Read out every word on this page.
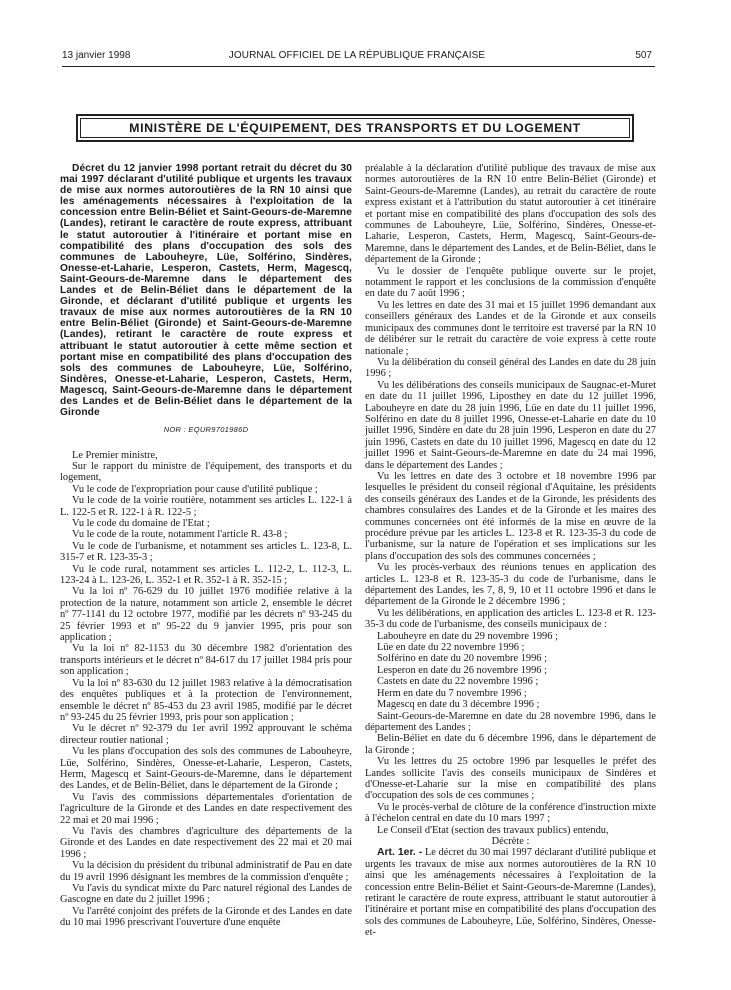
13 janvier 1998	JOURNAL OFFICIEL DE LA RÉPUBLIQUE FRANÇAISE	507
MINISTÈRE DE L'ÉQUIPEMENT, DES TRANSPORTS ET DU LOGEMENT

Décret du 12 janvier 1998 portant retrait du décret du 30 mai 1997 déclarant d'utilité publique et urgents les travaux de mise aux normes autoroutières de la RN 10 ainsi que les aménagements nécessaires à l'exploitation de la concession entre Belin-Béliet et Saint-Geours-de-Maremne (Landes), retirant le caractère de route express, attribuant le statut autoroutier à l'itinéraire et portant mise en compatibilité des plans d'occupation des sols des communes de Labouheyre, Lüe, Solférino, Sindères, Onesse-et-Laharie, Lesperon, Castets, Herm, Magescq, Saint-Geours-de-Maremne dans le département des Landes et de Belin-Béliet dans le département de la Gironde, et déclarant d'utilité publique et urgents les travaux de mise aux normes autoroutières de la RN 10 entre Belin-Béliet (Gironde) et Saint-Geours-de-Maremne (Landes), retirant le caractère de route express et attribuant le statut autoroutier à cette même section et portant mise en compatibilité des plans d'occupation des sols des communes de Labouheyre, Lüe, Solférino, Sindères, Onesse-et-Laharie, Lesperon, Castets, Herm, Magescq, Saint-Geours-de-Maremne dans le département des Landes et de Belin-Béliet dans le département de la Gironde

NOR : EQUR9701986D

Le Premier ministre,

Sur le rapport du ministre de l'équipement, des transports et du logement,

Vu le code de l'expropriation pour cause d'utilité publique ;

Vu le code de la voirie routière, notamment ses articles L. 122-1 à L. 122-5 et R. 122-1 à R. 122-5 ;

Vu le code du domaine de l'Etat ;

Vu le code de la route, notamment l'article R. 43-8 ;

Vu le code de l'urbanisme, et notamment ses articles L. 123-8, L. 315-7 et R. 123-35-3 ;

Vu le code rural, notamment ses articles L. 112-2, L. 112-3, L. 123-24 à L. 123-26, L. 352-1 et R. 352-1 à R. 352-15 ;

Vu la loi nº 76-629 du 10 juillet 1976 modifiée relative à la protection de la nature, notamment son article 2, ensemble le décret nº 77-1141 du 12 octobre 1977, modifié par les décrets nº 93-245 du 25 février 1993 et nº 95-22 du 9 janvier 1995, pris pour son application ;

Vu la loi nº 82-1153 du 30 décembre 1982 d'orientation des transports intérieurs et le décret nº 84-617 du 17 juillet 1984 pris pour son application ;

Vu la loi nº 83-630 du 12 juillet 1983 relative à la démocratisation des enquêtes publiques et à la protection de l'environnement, ensemble le décret nº 85-453 du 23 avril 1985, modifié par le décret nº 93-245 du 25 février 1993, pris pour son application ;

Vu le décret nº 92-379 du 1er avril 1992 approuvant le schéma directeur routier national ;

Vu les plans d'occupation des sols des communes de Labouheyre, Lüe, Solférino, Sindères, Onesse-et-Laharie, Lesperon, Castets, Herm, Magescq et Saint-Geours-de-Maremne, dans le département des Landes, et de Belin-Béliet, dans le département de la Gironde ;

Vu l'avis des commissions départementales d'orientation de l'agriculture de la Gironde et des Landes en date respectivement des 22 mai et 20 mai 1996 ;

Vu l'avis des chambres d'agriculture des départements de la Gironde et des Landes en date respectivement des 22 mai et 20 mai 1996 ;

Vu la décision du président du tribunal administratif de Pau en date du 19 avril 1996 désignant les membres de la commission d'enquête ;

Vu l'avis du syndicat mixte du Parc naturel régional des Landes de Gascogne en date du 2 juillet 1996 ;

Vu l'arrêté conjoint des préfets de la Gironde et des Landes en date du 10 mai 1996 prescrivant l'ouverture d'une enquête

préalable à la déclaration d'utilité publique des travaux de mise aux normes autoroutières de la RN 10 entre Belin-Béliet (Gironde) et Saint-Geours-de-Maremne (Landes), au retrait du caractère de route express existant et à l'attribution du statut autoroutier à cet itinéraire et portant mise en compatibilité des plans d'occupation des sols des communes de Labouheyre, Lüe, Solférino, Sindères, Onesse-et-Laharie, Lesperon, Castets, Herm, Magescq, Saint-Geours-de-Maremne, dans le département des Landes, et de Belin-Béliet, dans le département de la Gironde ;

Vu le dossier de l'enquête publique ouverte sur le projet, notamment le rapport et les conclusions de la commission d'enquête en date du 7 août 1996 ;

Vu les lettres en date des 31 mai et 15 juillet 1996 demandant aux conseillers généraux des Landes et de la Gironde et aux conseils municipaux des communes dont le territoire est traversé par la RN 10 de délibérer sur le retrait du caractère de voie express à cette route nationale ;

Vu la délibération du conseil général des Landes en date du 28 juin 1996 ;

Vu les délibérations des conseils municipaux de Saugnac-et-Muret en date du 11 juillet 1996, Liposthey en date du 12 juillet 1996, Labouheyre en date du 28 juin 1996, Lüe en date du 11 juillet 1996, Solférino en date du 8 juillet 1996, Onesse-et-Laharie en date du 10 juillet 1996, Sindère en date du 28 juin 1996, Lesperon en date du 27 juin 1996, Castets en date du 10 juillet 1996, Magescq en date du 12 juillet 1996 et Saint-Geours-de-Maremne en date du 24 mai 1996, dans le département des Landes ;

Vu les lettres en date des 3 octobre et 18 novembre 1996 par lesquelles le président du conseil régional d'Aquitaine, les présidents des conseils généraux des Landes et de la Gironde, les présidents des chambres consulaires des Landes et de la Gironde et les maires des communes concernées ont été informés de la mise en œuvre de la procédure prévue par les articles L. 123-8 et R. 123-35-3 du code de l'urbanisme, sur la nature de l'opération et ses implications sur les plans d'occupation des sols des communes concernées ;

Vu les procès-verbaux des réunions tenues en application des articles L. 123-8 et R. 123-35-3 du code de l'urbanisme, dans le département des Landes, les 7, 8, 9, 10 et 11 octobre 1996 et dans le département de la Gironde le 2 décembre 1996 ;

Vu les délibérations, en application des articles L. 123-8 et R. 123-35-3 du code de l'urbanisme, des conseils municipaux de :

Labouheyre en date du 29 novembre 1996 ;

Lüe en date du 22 novembre 1996 ;

Solférino en date du 20 novembre 1996 ;

Lesperon en date du 26 novembre 1996 ;

Castets en date du 22 novembre 1996 ;

Herm en date du 7 novembre 1996 ;

Magescq en date du 3 décembre 1996 ;

Saint-Geours-de-Maremne en date du 28 novembre 1996, dans le département des Landes ;

Belin-Béliet en date du 6 décembre 1996, dans le département de la Gironde ;

Vu les lettres du 25 octobre 1996 par lesquelles le préfet des Landes sollicite l'avis des conseils municipaux de Sindères et d'Onesse-et-Laharie sur la mise en compatibilité des plans d'occupation des sols de ces communes ;

Vu le procès-verbal de clôture de la conférence d'instruction mixte à l'échelon central en date du 10 mars 1997 ;

Le Conseil d'Etat (section des travaux publics) entendu,

Décrète :

Art. 1er. - Le décret du 30 mai 1997 déclarant d'utilité publique et urgents les travaux de mise aux normes autoroutières de la RN 10 ainsi que les aménagements nécessaires à l'exploitation de la concession entre Belin-Béliet et Saint-Geours-de-Maremne (Landes), retirant le caractère de route express, attribuant le statut autoroutier à l'itinéraire et portant mise en compatibilité des plans d'occupation des sols des communes de Labouheyre, Lüe, Solférino, Sindères, Onesse-et-
